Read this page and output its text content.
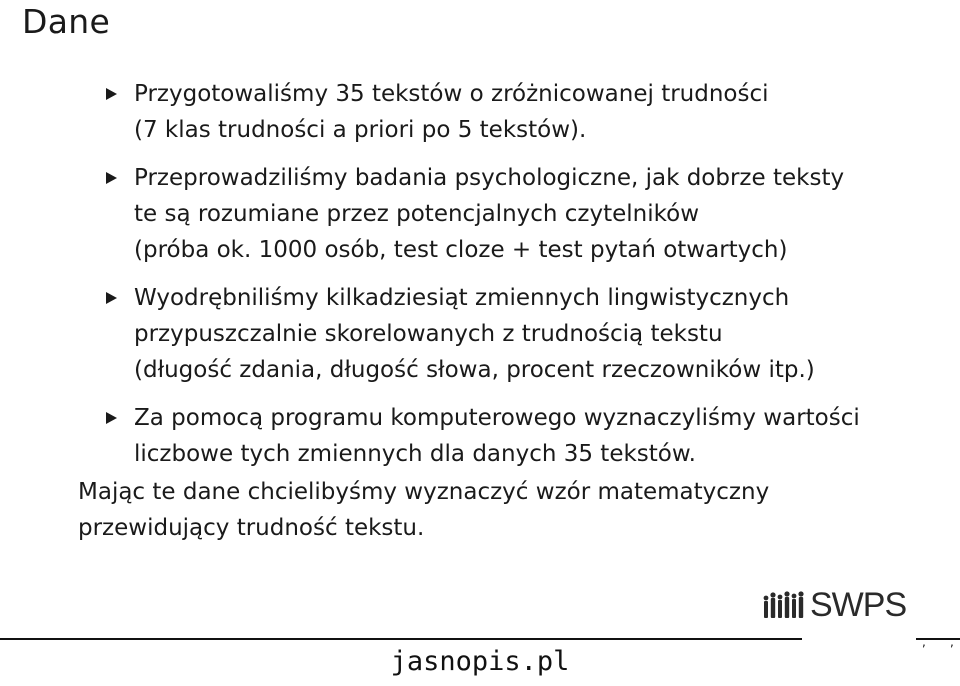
Dane
Przygotowaliśmy 35 tekstów o zróżnicowanej trudności
(7 klas trudności a priori po 5 tekstów).
Przeprowadziliśmy badania psychologiczne, jak dobrze teksty
te są rozumiane przez potencjalnych czytelników
(próba ok. 1000 osób, test cloze + test pytań otwartych)
Wyodrębniliśmy kilkadziesiąt zmiennych lingwistycznych
przypuszczalnie skorelowanych z trudnością tekstu
(długość zdania, długość słowa, procent rzeczowników itp.)
Za pomocą programu komputerowego wyznaczyliśmy wartości
liczbowe tych zmiennych dla danych 35 tekstów.
Mając te dane chcielibyśmy wyznaczyć wzór matematyczny
przewidujący trudność tekstu.
SWPS
, ,
jasnopis.pl
